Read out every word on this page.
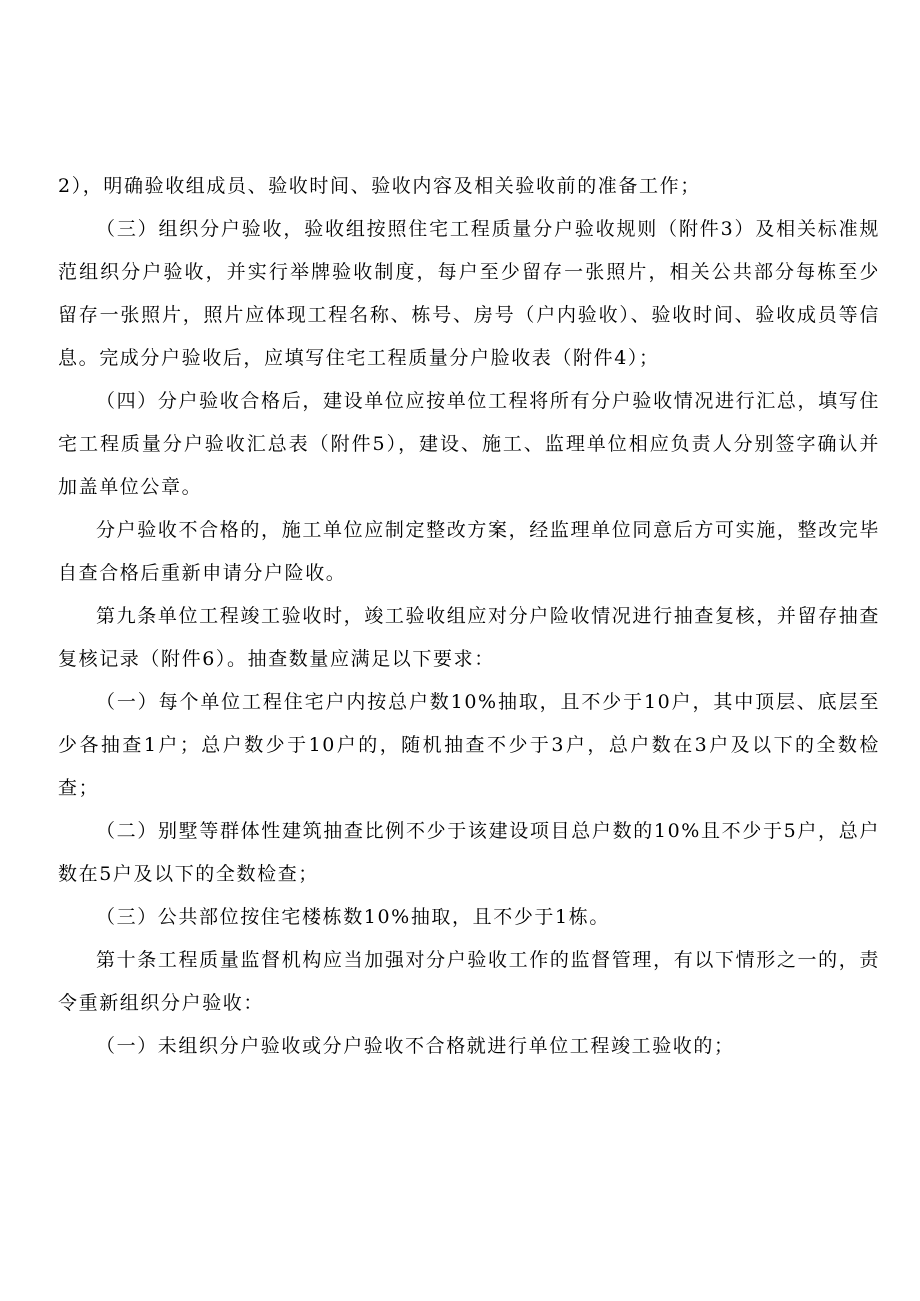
2），明确验收组成员、验收时间、验收内容及相关验收前的准备工作；

（三）组织分户验收，验收组按照住宅工程质量分户验收规则（附件3）及相关标准规范组织分户验收，并实行举牌验收制度，每户至少留存一张照片，相关公共部分每栋至少留存一张照片，照片应体现工程名称、栋号、房号（户内验收）、验收时间、验收成员等信息。完成分户验收后，应填写住宅工程质量分户脸收表（附件4）；

（四）分户验收合格后，建设单位应按单位工程将所有分户验收情况进行汇总，填写住宅工程质量分户验收汇总表（附件5），建设、施工、监理单位相应负责人分别签字确认并加盖单位公章。

分户验收不合格的，施工单位应制定整改方案，经监理单位同意后方可实施，整改完毕自查合格后重新申请分户险收。

第九条单位工程竣工验收时，竣工验收组应对分户险收情况进行抽查复核，并留存抽查复核记录（附件6）。抽查数量应满足以下要求：

（一）每个单位工程住宅户内按总户数10%抽取，且不少于10户，其中顶层、底层至少各抽查1户；总户数少于10户的，随机抽查不少于3户，总户数在3户及以下的全数检查；

（二）别墅等群体性建筑抽查比例不少于该建设项目总户数的10%且不少于5户，总户数在5户及以下的全数检查；

（三）公共部位按住宅楼栋数10%抽取，且不少于1栋。

第十条工程质量监督机构应当加强对分户验收工作的监督管理，有以下情形之一的，责令重新组织分户验收：

（一）未组织分户验收或分户验收不合格就进行单位工程竣工验收的；
